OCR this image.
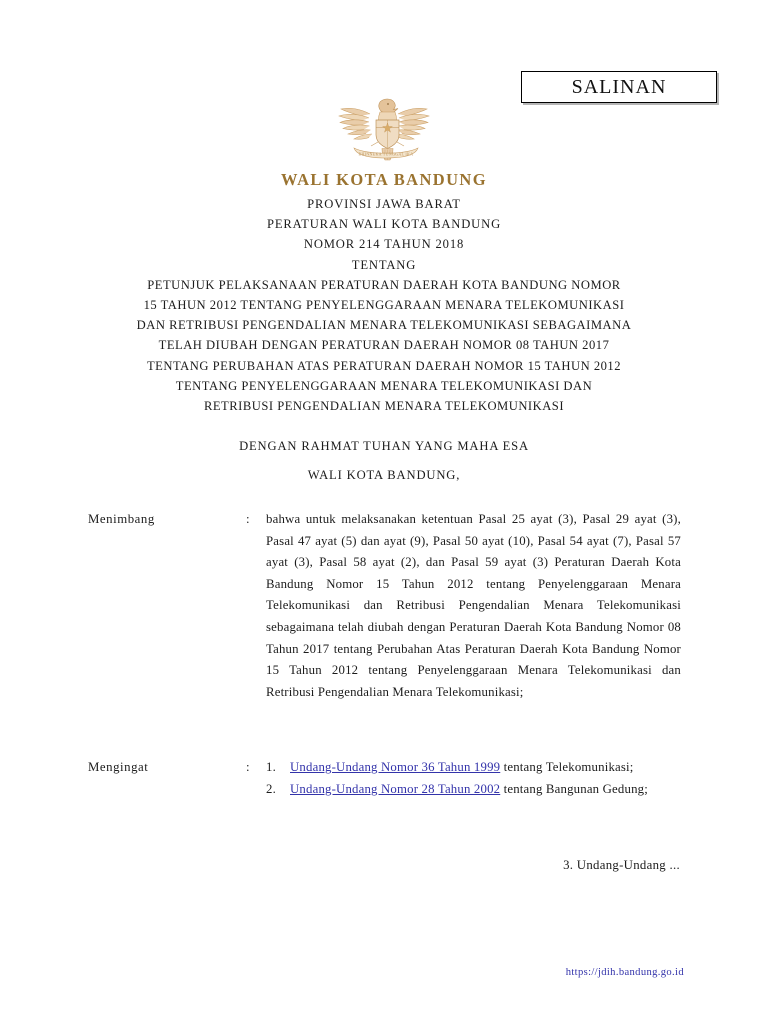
SALINAN
BHINNEKA TUNGGAL IKA
WALI KOTA BANDUNG
PROVINSI JAWA BARAT
PERATURAN WALI KOTA BANDUNG
NOMOR 214 TAHUN 2018
TENTANG
PETUNJUK PELAKSANAAN PERATURAN DAERAH KOTA BANDUNG NOMOR
15 TAHUN 2012 TENTANG PENYELENGGARAAN MENARA TELEKOMUNIKASI
DAN RETRIBUSI PENGENDALIAN MENARA TELEKOMUNIKASI SEBAGAIMANA
TELAH DIUBAH DENGAN PERATURAN DAERAH NOMOR 08 TAHUN 2017
TENTANG PERUBAHAN ATAS PERATURAN DAERAH NOMOR 15 TAHUN 2012
TENTANG PENYELENGGARAAN MENARA TELEKOMUNIKASI DAN
RETRIBUSI PENGENDALIAN MENARA TELEKOMUNIKASI
DENGAN RAHMAT TUHAN YANG MAHA ESA
WALI KOTA BANDUNG,
Menimbang	:	bahwa untuk melaksanakan ketentuan Pasal 25 ayat (3), Pasal 29 ayat (3), Pasal 47 ayat (5) dan ayat (9), Pasal 50 ayat (10), Pasal 54 ayat (7), Pasal 57 ayat (3), Pasal 58 ayat (2), dan Pasal 59 ayat (3) Peraturan Daerah Kota Bandung Nomor 15 Tahun 2012 tentang Penyelenggaraan Menara Telekomunikasi dan Retribusi Pengendalian Menara Telekomunikasi sebagaimana telah diubah dengan Peraturan Daerah Kota Bandung Nomor 08 Tahun 2017 tentang Perubahan Atas Peraturan Daerah Kota Bandung Nomor 15 Tahun 2012 tentang Penyelenggaraan Menara Telekomunikasi dan Retribusi Pengendalian Menara Telekomunikasi;
Mengingat	:	1.	Undang-Undang Nomor 36 Tahun 1999 tentang Telekomunikasi;
2.	Undang-Undang Nomor 28 Tahun 2002 tentang Bangunan Gedung;
3. Undang-Undang ...
https://jdih.bandung.go.id
